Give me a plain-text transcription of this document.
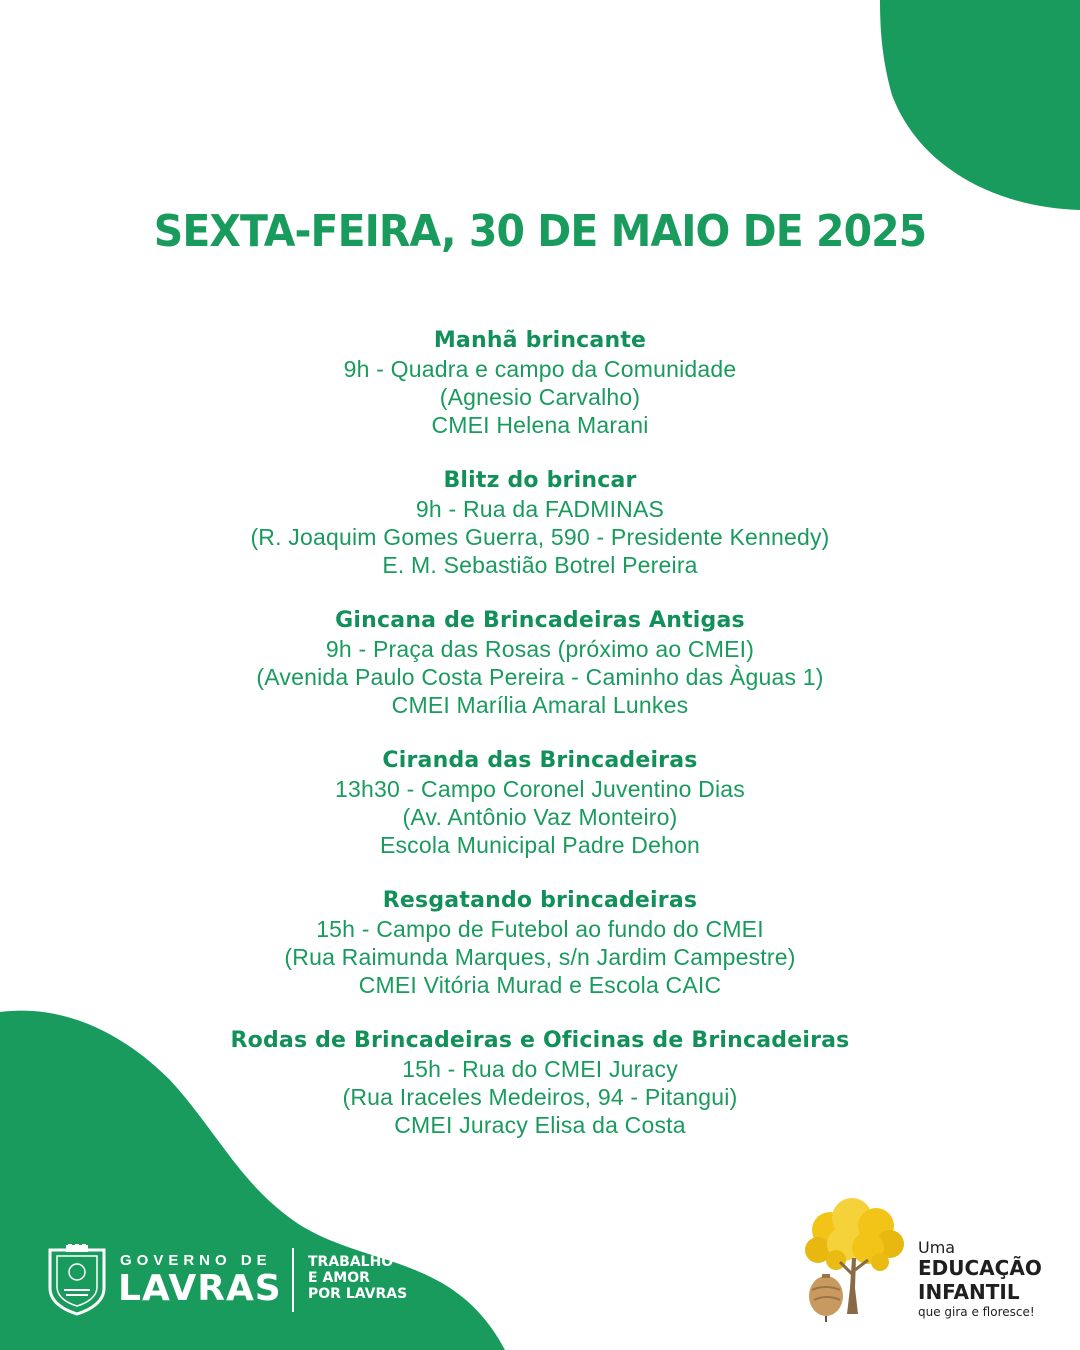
SEXTA-FEIRA, 30 DE MAIO DE 2025
Manhã brincante
9h - Quadra e campo da Comunidade
(Agnesio Carvalho)
CMEI Helena Marani
Blitz do brincar
9h - Rua da FADMINAS
(R. Joaquim Gomes Guerra, 590 - Presidente Kennedy)
E. M. Sebastião Botrel Pereira
Gincana de Brincadeiras Antigas
9h - Praça das Rosas (próximo ao CMEI)
(Avenida Paulo Costa Pereira - Caminho das Àguas 1)
CMEI Marília Amaral Lunkes
Ciranda das Brincadeiras
13h30 - Campo Coronel Juventino Dias
(Av. Antônio Vaz Monteiro)
Escola Municipal Padre Dehon
Resgatando brincadeiras
15h - Campo de Futebol ao fundo do CMEI
(Rua Raimunda Marques, s/n Jardim Campestre)
CMEI Vitória Murad e Escola CAIC
Rodas de Brincadeiras e Oficinas de Brincadeiras
15h - Rua do CMEI Juracy
(Rua Iraceles Medeiros, 94 - Pitangui)
CMEI Juracy Elisa da Costa
GOVERNO DE
LAVRAS
TRABALHO
E AMOR
POR LAVRAS
Uma
EDUCAÇÃO
INFANTIL
que gira e floresce!
